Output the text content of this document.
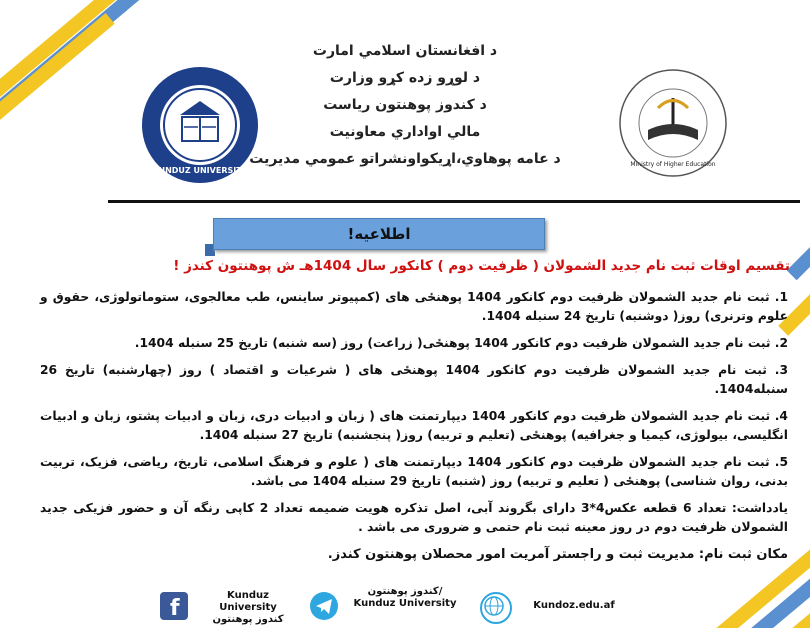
KUNDUZ UNIVERSITY
Ministry of Higher Education
د افغانستان اسلامي امارت
د لوړو زده کړو وزارت
د کندوز پوهنتون رياست
مالي اواداري معاونيت
د عامه پوهاوي،اړيکواونشراتو عمومي مديريت
اطلاعيه!
تقسيم اوقات ثبت نام جديد الشمولان ( ظرفيت دوم ) کانکور سال 1404هـ ش پوهنتون کندز !

1. ثبت نام جديد الشمولان ظرفيت دوم کانکور 1404 پوهنځی های (کمپيوتر ساينس، طب معالجوی، ستوماتولوژی، حقوق و علوم وترنری) روز( دوشنبه) تاريخ 24 سنبله 1404.

2. ثبت نام جديد الشمولان ظرفيت دوم کانکور 1404 پوهنځی( زراعت) روز (سه شنبه) تاريخ 25 سنبله 1404.

3. ثبت نام جديد الشمولان ظرفيت دوم کانکور 1404 پوهنځی های ( شرعيات و اقتصاد ) روز (چهارشنبه) تاريخ 26 سنبله1404.

4. ثبت نام جديد الشمولان ظرفيت دوم کانکور 1404 ديپارتمنت های ( زبان و ادبيات دری، زبان و ادبيات پشتو، زبان و ادبيات انگليسی، بيولوژی، کيميا و جغرافيه) پوهنځی (تعليم و تربيه) روز( پنجشنبه) تاريخ 27 سنبله 1404.

5. ثبت نام جديد الشمولان ظرفيت دوم کانکور 1404 ديپارتمنت های ( علوم و فرهنگ اسلامی، تاريخ، رياضی، فزيک، تربيت بدنی، روان شناسی) پوهنځی ( تعليم و تربيه) روز (شنبه) تاريخ 29 سنبله 1404 می باشد.

يادداشت: تعداد 6 قطعه عکس4*3 دارای بگروند آبی، اصل تذکره هويت ضميمه تعداد 2 کاپی رنگه آن و حضور فزيکی جديد الشمولان ظرفيت دوم در روز معينه ثبت نام حتمی و ضروری می باشد .

مکان ثبت نام: مديريت ثبت و راجستر آمريت امور محصلان پوهنتون کندز.

f
Kunduz University
کندوز پوهنتون
کندوز پوهنتون/
Kunduz University	Kundoz.edu.af
